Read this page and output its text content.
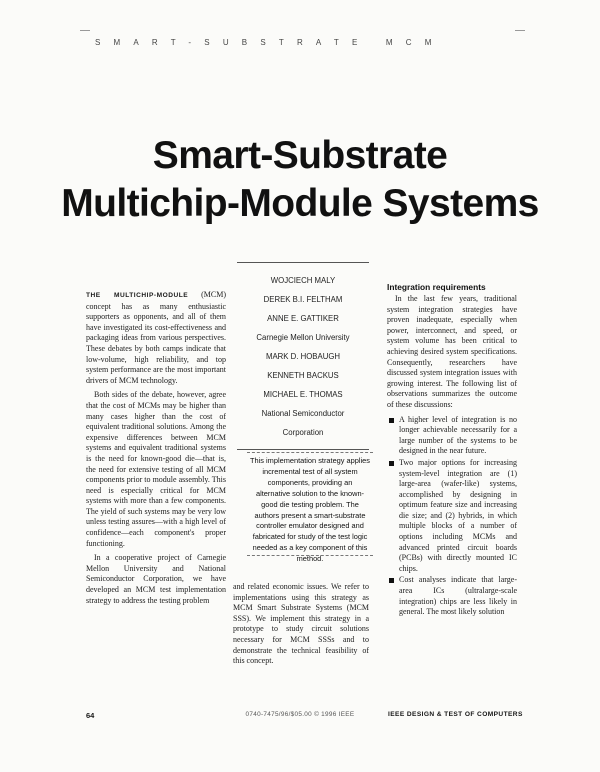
SMART-SUBSTRATE MCM
Smart-Substrate
Multichip-Module Systems
WOJCIECH MALY
DEREK B.I. FELTHAM
ANNE E. GATTIKER
Carnegie Mellon University
MARK D. HOBAUGH
KENNETH BACKUS
MICHAEL E. THOMAS
National Semiconductor
Corporation
This implementation strategy applies incremental test of all system components, providing an alternative solution to the known-good die testing problem. The authors present a smart-substrate controller emulator designed and fabricated for study of the test logic needed as a key component of this method.

THE MULTICHIP-MODULE (MCM) concept has as many enthusiastic supporters as opponents, and all of them have investigated its cost-effectiveness and packaging ideas from various perspectives. These debates by both camps indicate that low-volume, high reliability, and top system performance are the most important drivers of MCM technology.

Both sides of the debate, however, agree that the cost of MCMs may be higher than many cases higher than the cost of equivalent traditional solutions. Among the expensive differences between MCM systems and equivalent traditional systems is the need for known-good die—that is, the need for extensive testing of all MCM components prior to module assembly. This need is especially critical for MCM systems with more than a few components. The yield of such systems may be very low unless testing assures—with a high level of confidence—each component's proper functioning.

In a cooperative project of Carnegie Mellon University and National Semiconductor Corporation, we have developed an MCM test implementation strategy to address the testing problem

and related economic issues. We refer to implementations using this strategy as MCM Smart Substrate Systems (MCM SSS). We implement this strategy in a prototype to study circuit solutions necessary for MCM SSSs and to demonstrate the technical feasibility of this concept.

Integration requirements

In the last few years, traditional system integration strategies have proven inadequate, especially when power, interconnect, and speed, or system volume has been critical to achieving desired system specifications. Consequently, researchers have discussed system integration issues with growing interest. The following list of observations summarizes the outcome of these discussions:

A higher level of integration is no longer achievable necessarily for a large number of the systems to be designed in the near future.
Two major options for increasing system-level integration are (1) large-area (wafer-like) systems, accomplished by designing in optimum feature size and increasing die size; and (2) hybrids, in which multiple blocks of a number of options including MCMs and advanced printed circuit boards (PCBs) with directly mounted IC chips.
Cost analyses indicate that large-area ICs (ultralarge-scale integration) chips are less likely in general. The most likely solution
64	0740-7475/96/$05.00 © 1996 IEEE	IEEE DESIGN & TEST OF COMPUTERS
